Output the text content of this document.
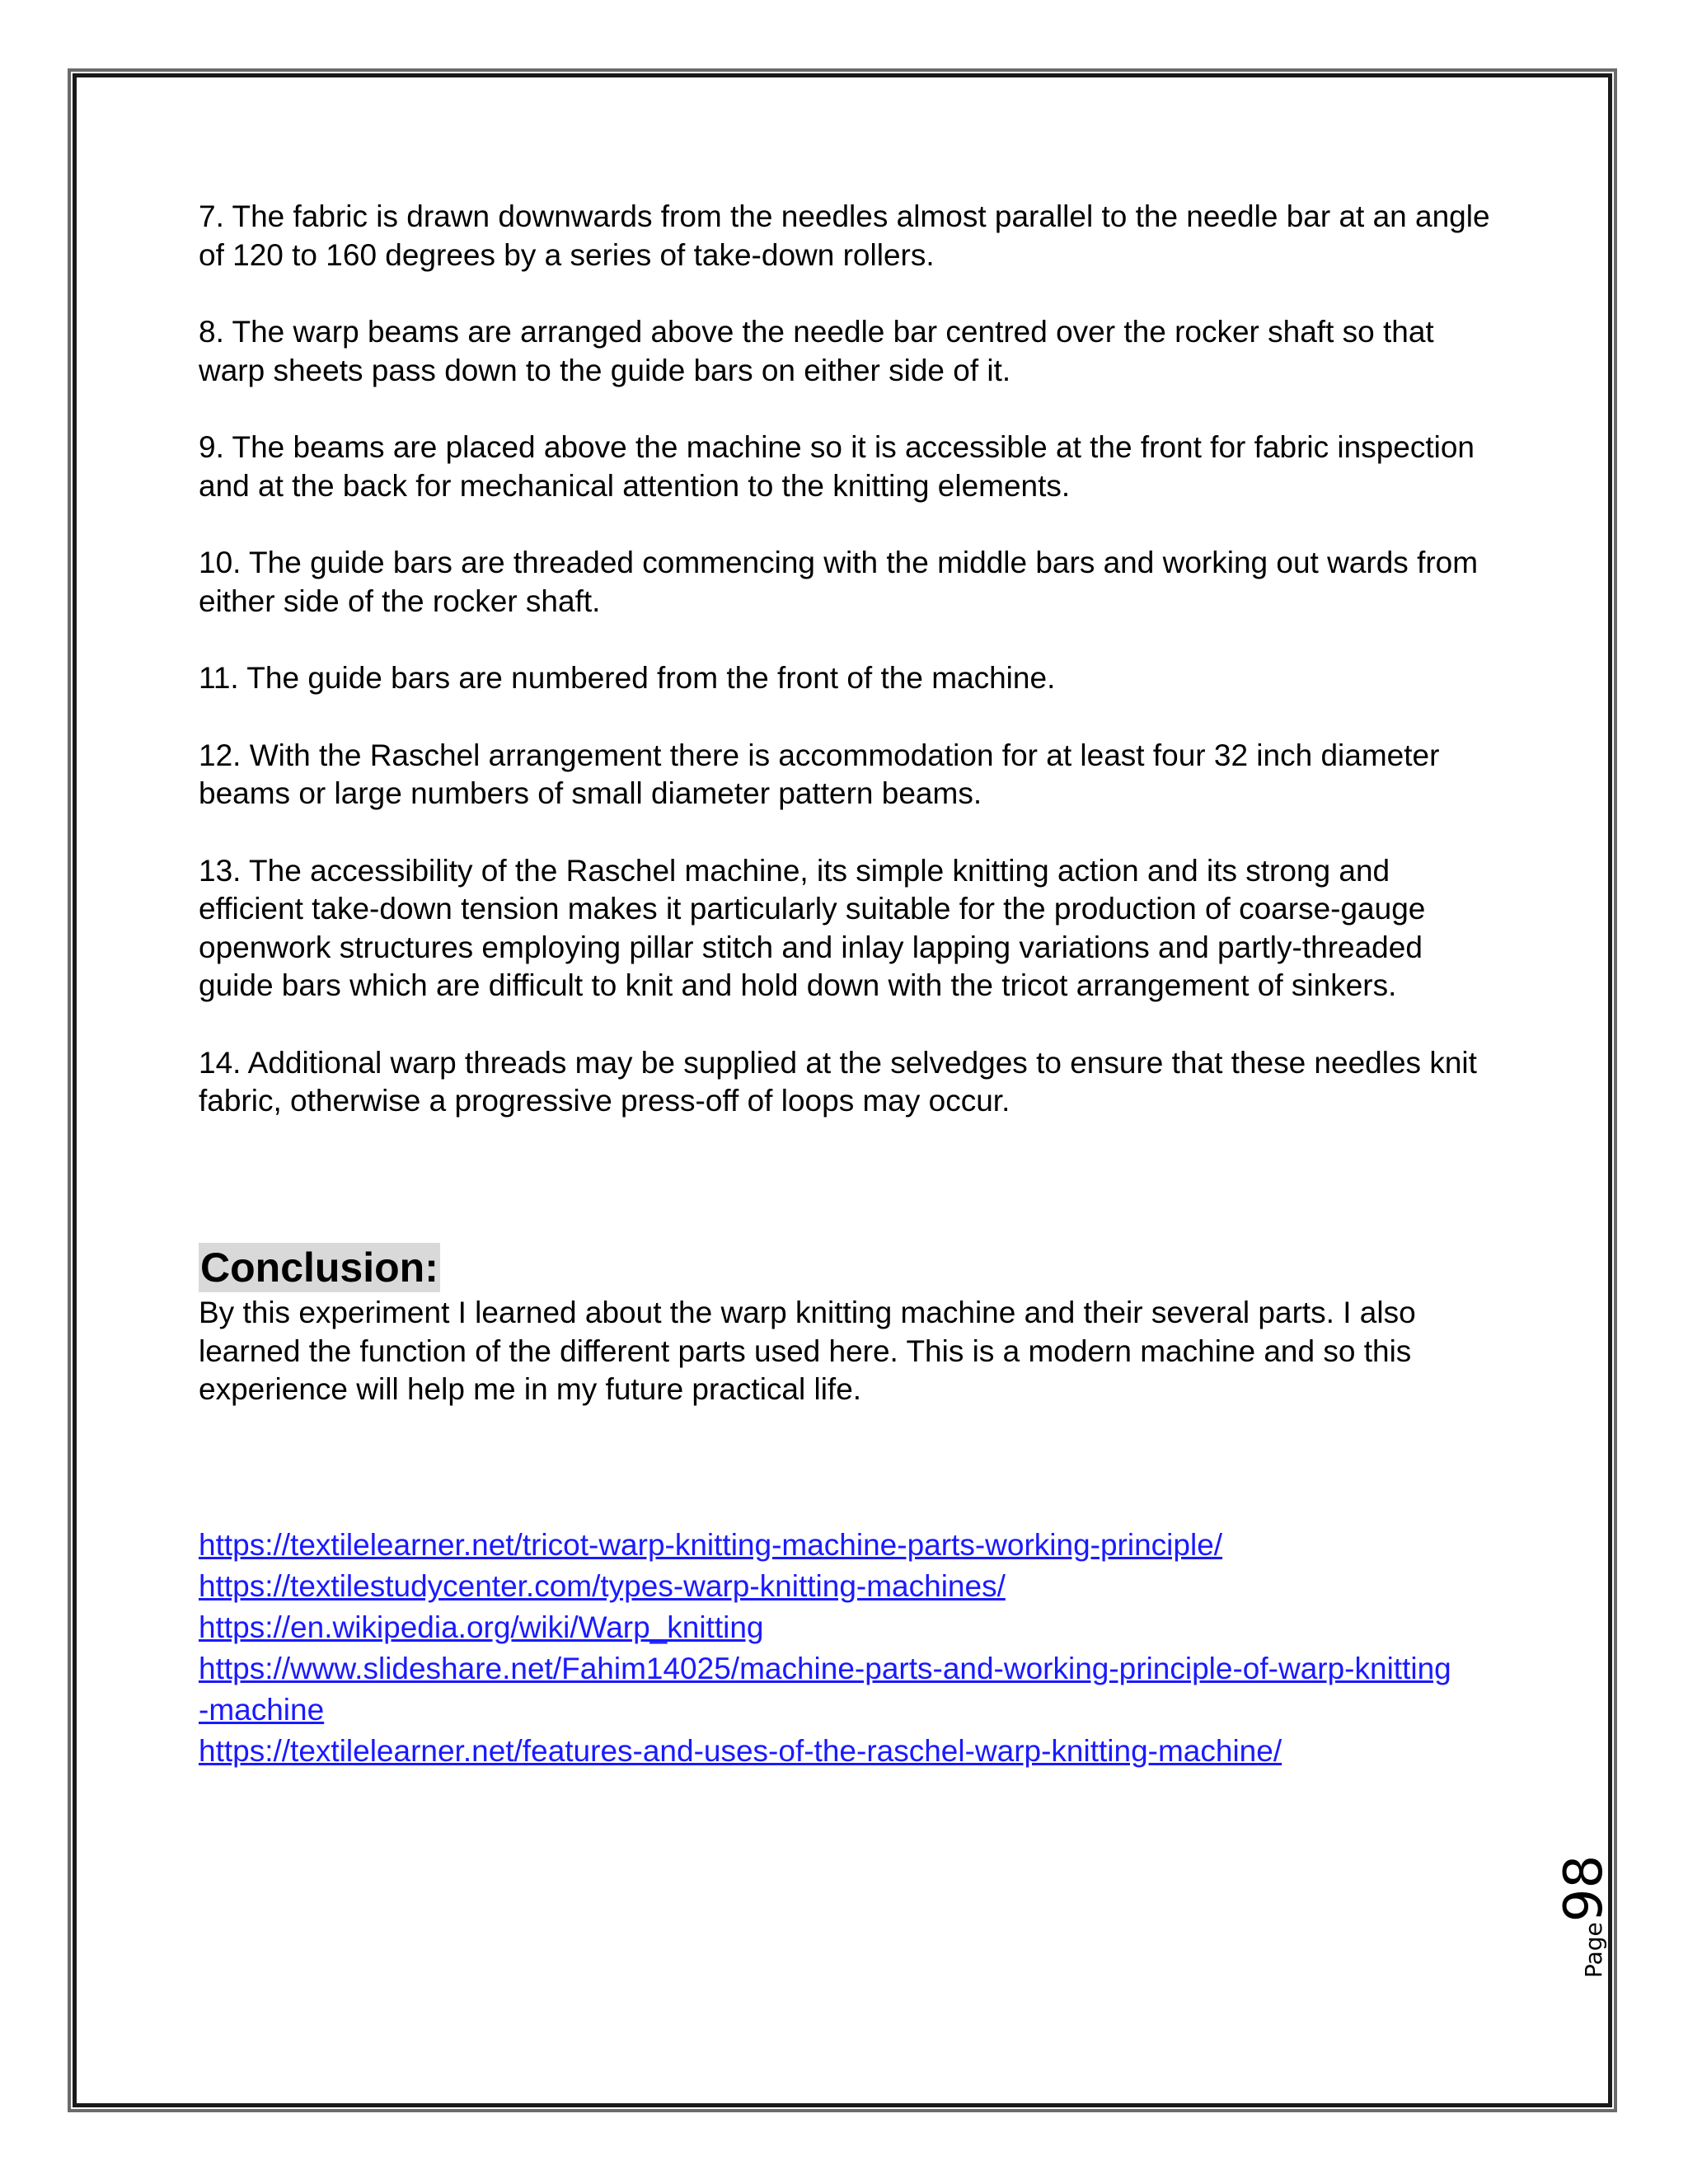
7. The fabric is drawn downwards from the needles almost parallel to the needle bar at an angle of 120 to 160 degrees by a series of take-down rollers.

8. The warp beams are arranged above the needle bar centred over the rocker shaft so that warp sheets pass down to the guide bars on either side of it.

9. The beams are placed above the machine so it is accessible at the front for fabric inspection and at the back for mechanical attention to the knitting elements.

10. The guide bars are threaded commencing with the middle bars and working out wards from either side of the rocker shaft.

11. The guide bars are numbered from the front of the machine.

12. With the Raschel arrangement there is accommodation for at least four 32 inch diameter beams or large numbers of small diameter pattern beams.

13. The accessibility of the Raschel machine, its simple knitting action and its strong and efficient take-down tension makes it particularly suitable for the production of coarse-gauge openwork structures employing pillar stitch and inlay lapping variations and partly-threaded guide bars which are difficult to knit and hold down with the tricot arrangement of sinkers.

14. Additional warp threads may be supplied at the selvedges to ensure that these needles knit fabric, otherwise a progressive press-off of loops may occur.

Conclusion:

By this experiment I learned about the warp knitting machine and their several parts. I also learned the function of the different parts used here. This is a modern machine and so this experience will help me in my future practical life.

https://textilelearner.net/tricot-warp-knitting-machine-parts-working-principle/
https://textilestudycenter.com/types-warp-knitting-machines/
https://en.wikipedia.org/wiki/Warp_knitting
https://www.slideshare.net/Fahim14025/machine-parts-and-working-principle-of-warp-knitting-machine
https://textilelearner.net/features-and-uses-of-the-raschel-warp-knitting-machine/
Page98
